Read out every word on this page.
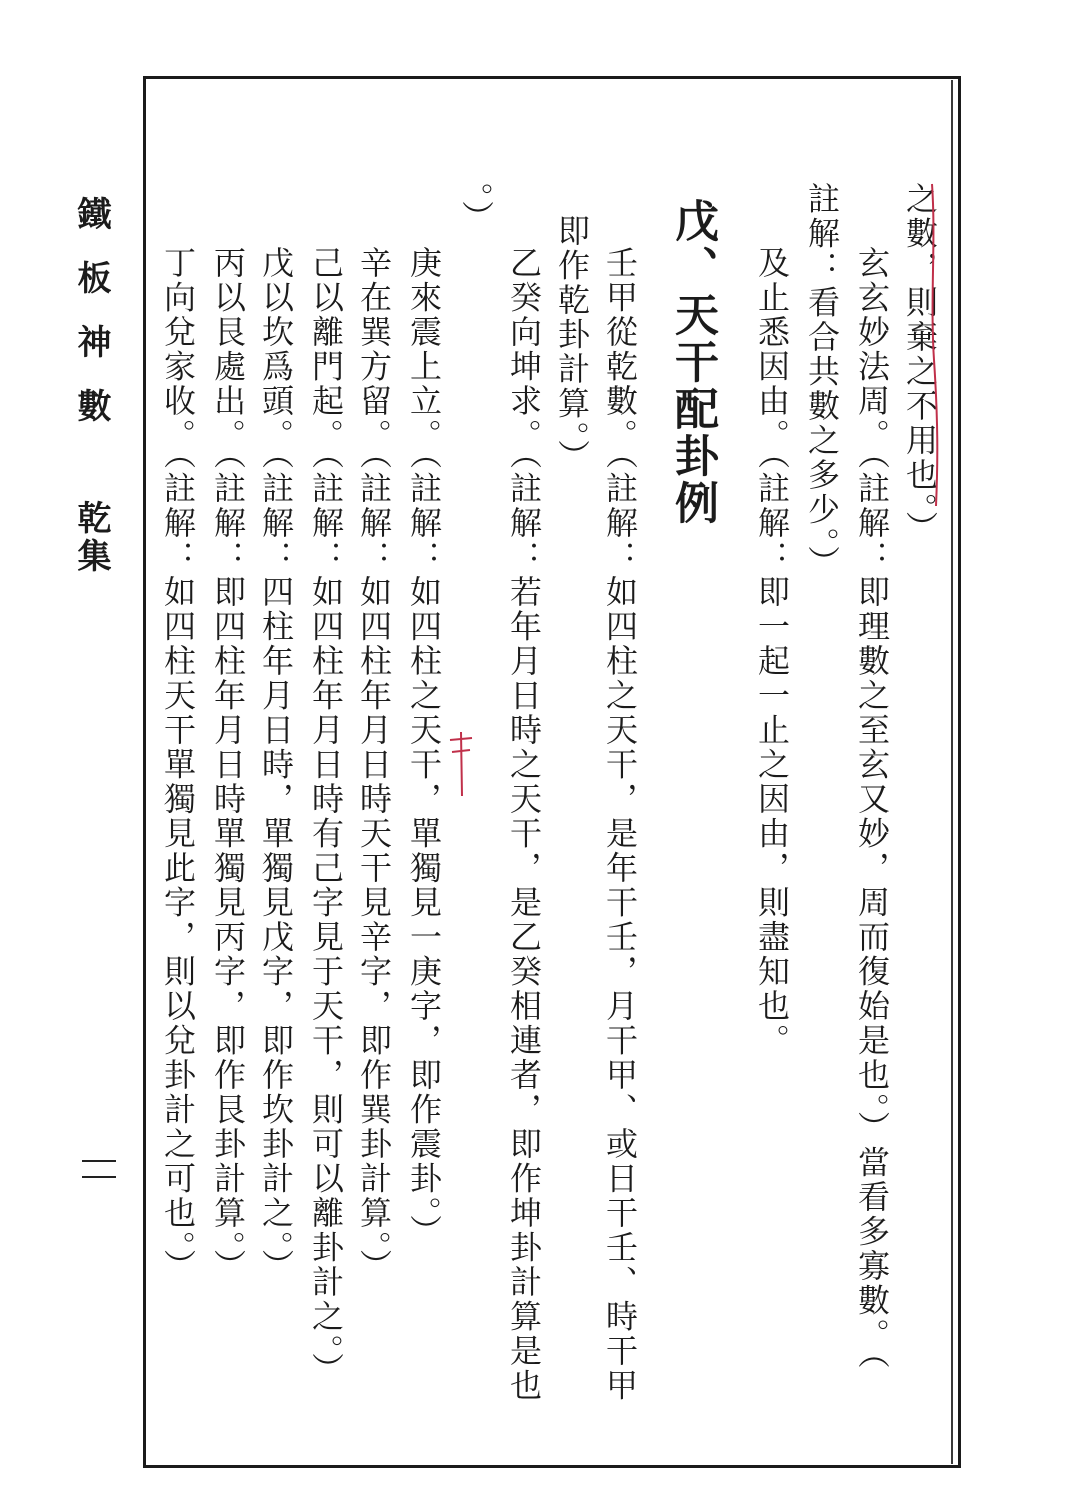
鐵板神數
乾集	之數，則棄之不用也。）
玄玄妙法周。（註解：即理數之至玄又妙，周而復始是也。）當看多寡數。（
註解：看合共數之多少。）
及止悉因由。（註解：即一起一止之因由，則盡知也。
戊、天干配卦例
壬甲從乾數。（註解：如四柱之天干，是年干壬，月干甲、或日干壬、時干甲
即作乾卦計算。）
乙癸向坤求。（註解：若年月日時之天干，是乙癸相連者，即作坤卦計算是也
。）
庚來震上立。（註解：如四柱之天干，單獨見一庚字，即作震卦。）
辛在巽方留。（註解：如四柱年月日時天干見辛字，即作巽卦計算。）
己以離門起。（註解：如四柱年月日時有己字見于天干，則可以離卦計之。）
戊以坎爲頭。（註解：四柱年月日時，單獨見戊字，即作坎卦計之。）
丙以艮處出。（註解：即四柱年月日時單獨見丙字，即作艮卦計算。）
丁向兌家收。（註解：如四柱天干單獨見此字，則以兌卦計之可也。）
